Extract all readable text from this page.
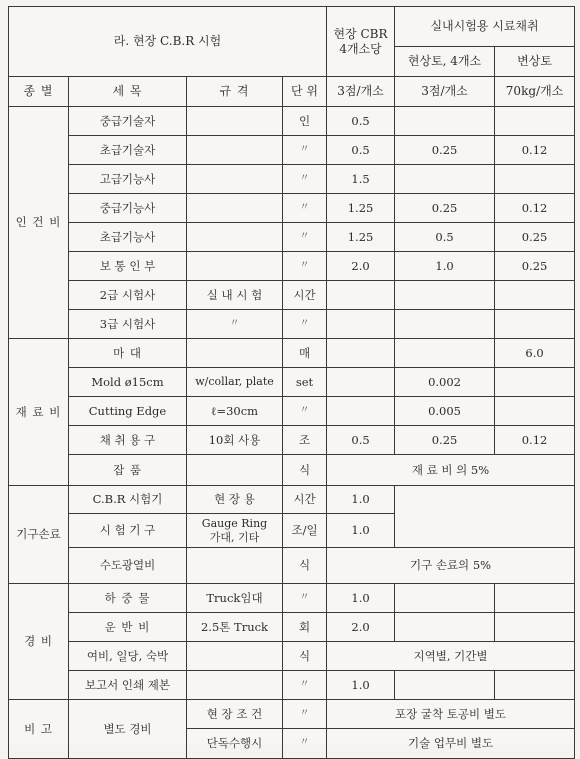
라. 현장 C.B.R 시험				현장 CBR
4개소당	실내시험용 시료채취	
					현상토, 4개소	변상토
종 별	세 목	규 격	단 위	3점/개소	3점/개소	70kg/개소
인 건 비	중급기술자		인	0.5		
	초급기술자		〃	0.5	0.25	0.12
	고급기능사		〃	1.5		
	중급기능사		〃	1.25	0.25	0.12
	초급기능사		〃	1.25	0.5	0.25
	보 통 인 부		〃	2.0	1.0	0.25
	2급 시험사	실 내 시 험	시간			
	3급 시험사	〃	〃			
재 료 비	마 대		매			6.0
	Mold ø15cm	w/collar, plate	set		0.002	
	Cutting Edge	ℓ=30cm	〃		0.005	
	채 취 용 구	10회 사용	조	0.5	0.25	0.12
	잡 품		식	재 료 비 의 5%		
기구손료	C.B.R 시험기	현 장 용	시간	1.0		
	시 험 기 구	Gauge Ring
가대, 기타	조/일	1.0		
	수도광열비		식	기구 손료의 5%		
경 비	하 중 물	Truck임대	〃	1.0		
	운 반 비	2.5톤 Truck	회	2.0		
	여비, 일당, 숙박		식	지역별, 기간별		
	보고서 인쇄 제본		〃	1.0		
비 고	별도 경비	현 장 조 건	〃	포장 굴착 토공비 별도		
		단독수행시	〃	기술 업무비 별도		
